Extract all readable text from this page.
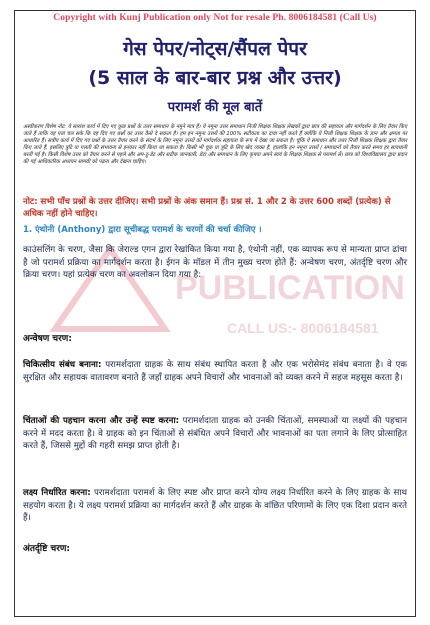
Copyright with Kunj Publication only Not for resale Ph. 8006184581 (Call Us)
गेस पेपर/नोट्स/सैंपल पेपर
(5 साल के बार-बार प्रश्न और उत्तर)
परामर्श की मूल बातें
अस्वीकरण विशेष नोट: ये सारांश कार्य में दिए गए कुछ प्रश्नों के उत्तर समाधान के नमूने मात्र हैं। ये नमूना उत्तर समाधान निजी शिक्षक शिक्षक लेखकों द्वारा छात्र की सहायता और मार्गदर्शन के लिए तैयार किए जाते हैं ताकि यह पता चल सके कि वह दिए गए प्रश्नों का उत्तर कैसे दे सकता है। हम इन नमूना उत्तरों की 100% सटीकता का दावा नहीं करते हैं क्योंकि ये निजी शिक्षक शिक्षक के ज्ञान और क्षमता पर आधारित हैं। सत्रीय कार्य में दिए गए प्रश्नों के उत्तर तैयार करने के संदर्भ के लिए नमूना उत्तरों को मार्गदर्शक सहायता के रूप में देखा जा सकता है। चूंकि ये समाधान और उत्तर निजी शिक्षक शिक्षक द्वारा तैयार किए जाते हैं, इसलिए त्रुटि या गलती की संभावना से इनकार नहीं किया जा सकता है। किसी भी चूक या त्रुटि के लिए खेद व्यक्त है, हालांकि इन नमूना उत्तरों / समाधानों को तैयार करते समय हर सावधानी बरती गई है। किसी विशेष उत्तर को तैयार करने से पहले और अप-टू-डेट और सटीक जानकारी, डेटा और समाधान के लिए कृपया अपने स्वयं के शिक्षक शिक्षक से परामर्श लें। छात्र को विश्वविद्यालय द्वारा प्रदान की गई आधिकारिक अध्ययन सामग्री को पढ़ना और देखना चाहिए।
नोट: सभी पाँच प्रश्नों के उत्तर दीजिए। सभी प्रश्नों के अंक समान हैं। प्रश्न सं. 1 और 2 के उत्तर 600 शब्दों (प्रत्येक) से अधिक नहीं होने चाहिए।
1. एंथोनी (Anthony) द्वारा सूचीबद्ध परामर्श के चरणों की चर्चा कीजिए ।
PUBLICATION
CALL US:- 8006184581
काउंसलिंग के चरण, जैसा कि जेराल्ड एगन द्वारा रेखांकित किया गया है, एंथोनी नहीं, एक व्यापक रूप से मान्यता प्राप्त ढांचा है जो परामर्श प्रक्रिया का मार्गदर्शन करता है। ईगन के मॉडल में तीन मुख्य चरण होते हैं: अन्वेषण चरण, अंतर्दृष्टि चरण और क्रिया चरण। यहां प्रत्येक चरण का अवलोकन दिया गया है:
अन्वेषण चरण:
चिकित्सीय संबंध बनाना: परामर्शदाता ग्राहक के साथ संबंध स्थापित करता है और एक भरोसेमंद संबंध बनाता है। वे एक सुरक्षित और सहायक वातावरण बनाते हैं जहाँ ग्राहक अपने विचारों और भावनाओं को व्यक्त करने में सहज महसूस करता है।
चिंताओं की पहचान करना और उन्हें स्पष्ट करना: परामर्शदाता ग्राहक को उनकी चिंताओं, समस्याओं या लक्ष्यों की पहचान करने में मदद करता है। वे ग्राहक को इन चिंताओं से संबंधित अपने विचारों और भावनाओं का पता लगाने के लिए प्रोत्साहित करते हैं, जिससे मुद्दों की गहरी समझ प्राप्त होती है।
लक्ष्य निर्धारित करना: परामर्शदाता परामर्श के लिए स्पष्ट और प्राप्त करने योग्य लक्ष्य निर्धारित करने के लिए ग्राहक के साथ सहयोग करता है। ये लक्ष्य परामर्श प्रक्रिया का मार्गदर्शन करते हैं और ग्राहक के वांछित परिणामों के लिए एक दिशा प्रदान करते हैं।
अंतर्दृष्टि चरण:
